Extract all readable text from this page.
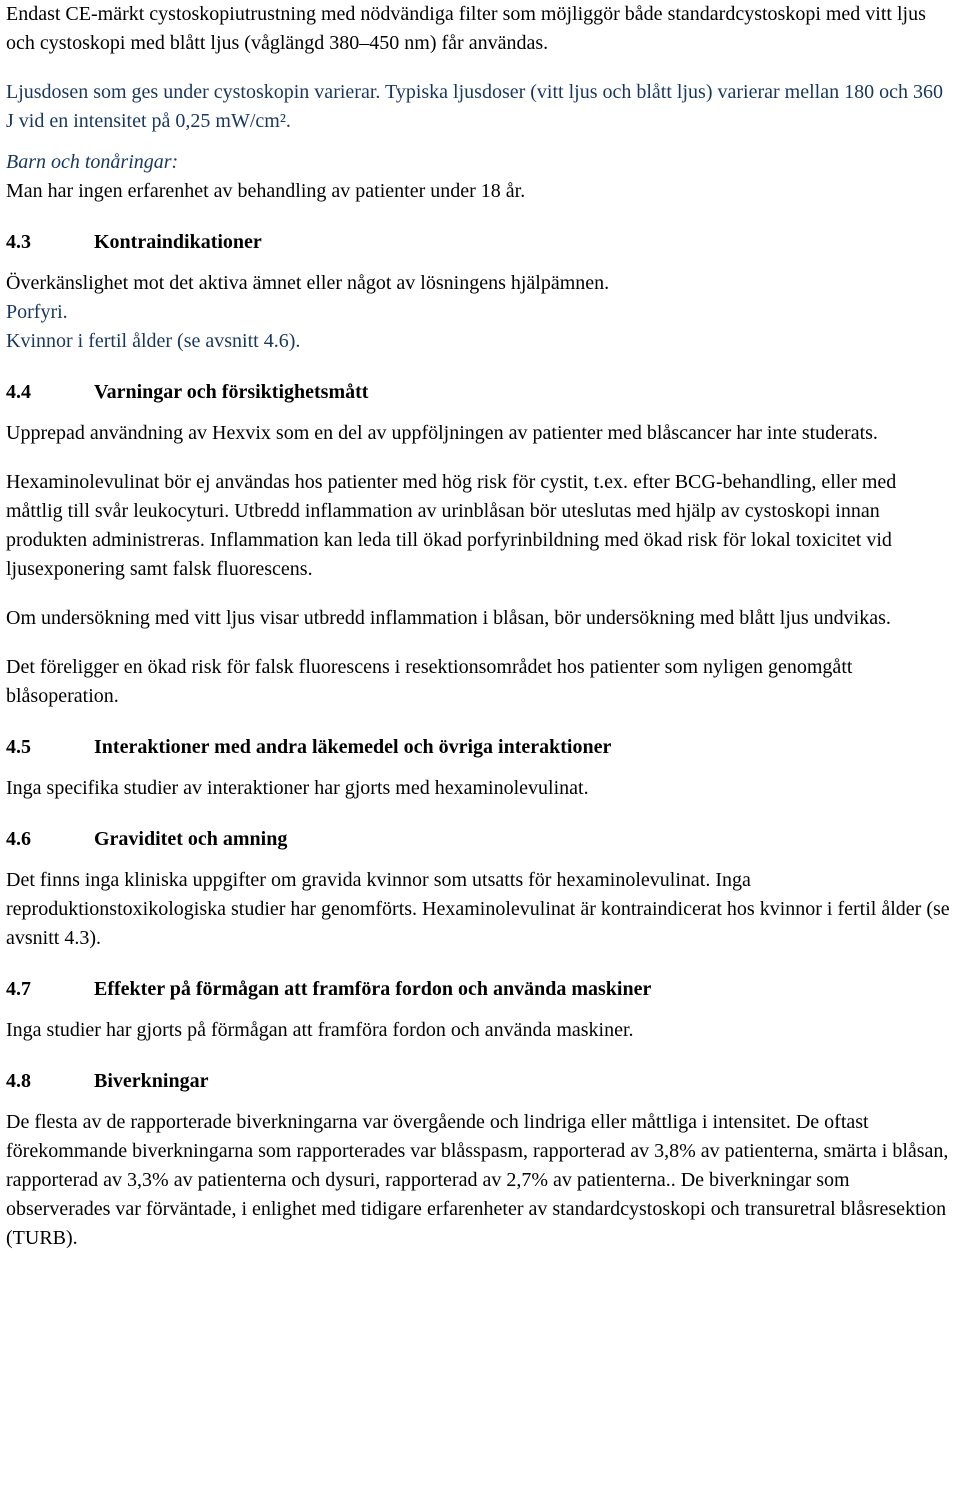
Endast CE-märkt cystoskopiutrustning med nödvändiga filter som möjliggör både standardcystoskopi med vitt ljus och cystoskopi med blått ljus (våglängd 380–450 nm) får användas.

Ljusdosen som ges under cystoskopin varierar. Typiska ljusdoser (vitt ljus och blått ljus) varierar mellan 180 och 360 J vid en intensitet på 0,25 mW/cm².

Barn och tonåringar:

Man har ingen erfarenhet av behandling av patienter under 18 år.

4.3	Kontraindikationer

Överkänslighet mot det aktiva ämnet eller något av lösningens hjälpämnen.

Porfyri.

Kvinnor i fertil ålder (se avsnitt 4.6).

4.4	Varningar och försiktighetsmått

Upprepad användning av Hexvix som en del av uppföljningen av patienter med blåscancer har inte studerats.

Hexaminolevulinat bör ej användas hos patienter med hög risk för cystit, t.ex. efter BCG-behandling, eller med måttlig till svår leukocyturi. Utbredd inflammation av urinblåsan bör uteslutas med hjälp av cystoskopi innan produkten administreras. Inflammation kan leda till ökad porfyrinbildning med ökad risk för lokal toxicitet vid ljusexponering samt falsk fluorescens.

Om undersökning med vitt ljus visar utbredd inflammation i blåsan, bör undersökning med blått ljus undvikas.

Det föreligger en ökad risk för falsk fluorescens i resektionsområdet hos patienter som nyligen genomgått blåsoperation.

4.5	Interaktioner med andra läkemedel och övriga interaktioner

Inga specifika studier av interaktioner har gjorts med hexaminolevulinat.

4.6	Graviditet och amning

Det finns inga kliniska uppgifter om gravida kvinnor som utsatts för hexaminolevulinat. Inga reproduktionstoxikologiska studier har genomförts. Hexaminolevulinat är kontraindicerat hos kvinnor i fertil ålder (se avsnitt 4.3).

4.7	Effekter på förmågan att framföra fordon och använda maskiner

Inga studier har gjorts på förmågan att framföra fordon och använda maskiner.

4.8	Biverkningar

De flesta av de rapporterade biverkningarna var övergående och lindriga eller måttliga i intensitet. De oftast förekommande biverkningarna som rapporterades var blåsspasm, rapporterad av 3,8% av patienterna, smärta i blåsan, rapporterad av 3,3% av patienterna och dysuri, rapporterad av 2,7% av patienterna.. De biverkningar som observerades var förväntade, i enlighet med tidigare erfarenheter av standardcystoskopi och transuretral blåsresektion (TURB).
